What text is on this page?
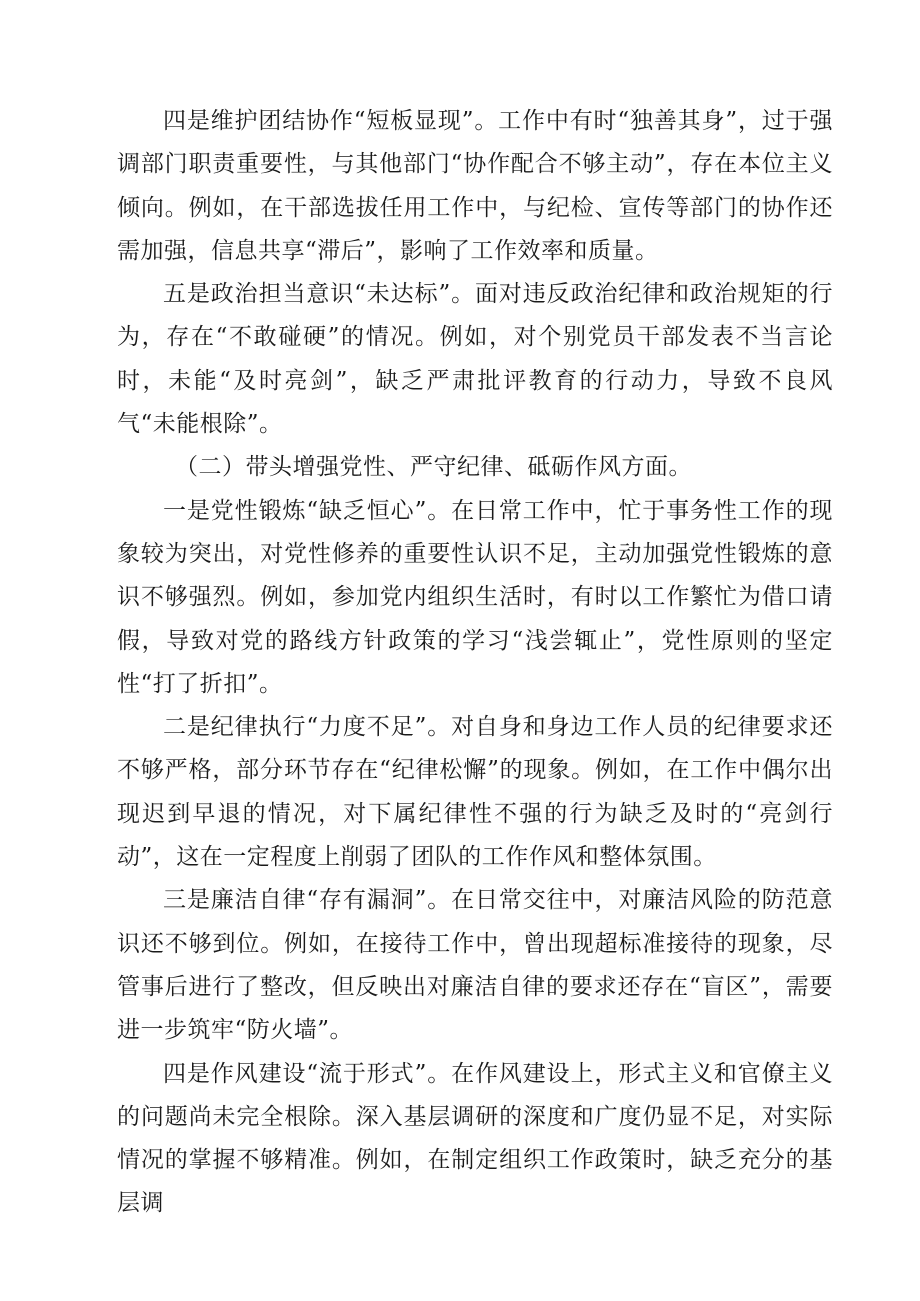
四是维护团结协作“短板显现”。工作中有时“独善其身”，过于强调部门职责重要性，与其他部门“协作配合不够主动”，存在本位主义倾向。例如，在干部选拔任用工作中，与纪检、宣传等部门的协作还需加强，信息共享“滞后”，影响了工作效率和质量。

五是政治担当意识“未达标”。面对违反政治纪律和政治规矩的行为，存在“不敢碰硬”的情况。例如，对个别党员干部发表不当言论时，未能“及时亮剑”，缺乏严肃批评教育的行动力，导致不良风气“未能根除”。

（二）带头增强党性、严守纪律、砥砺作风方面。

一是党性锻炼“缺乏恒心”。在日常工作中，忙于事务性工作的现象较为突出，对党性修养的重要性认识不足，主动加强党性锻炼的意识不够强烈。例如，参加党内组织生活时，有时以工作繁忙为借口请假，导致对党的路线方针政策的学习“浅尝辄止”，党性原则的坚定性“打了折扣”。

二是纪律执行“力度不足”。对自身和身边工作人员的纪律要求还不够严格，部分环节存在“纪律松懈”的现象。例如，在工作中偶尔出现迟到早退的情况，对下属纪律性不强的行为缺乏及时的“亮剑行动”，这在一定程度上削弱了团队的工作作风和整体氛围。

三是廉洁自律“存有漏洞”。在日常交往中，对廉洁风险的防范意识还不够到位。例如，在接待工作中，曾出现超标准接待的现象，尽管事后进行了整改，但反映出对廉洁自律的要求还存在“盲区”，需要进一步筑牢“防火墙”。

四是作风建设“流于形式”。在作风建设上，形式主义和官僚主义的问题尚未完全根除。深入基层调研的深度和广度仍显不足，对实际情况的掌握不够精准。例如，在制定组织工作政策时，缺乏充分的基层调
